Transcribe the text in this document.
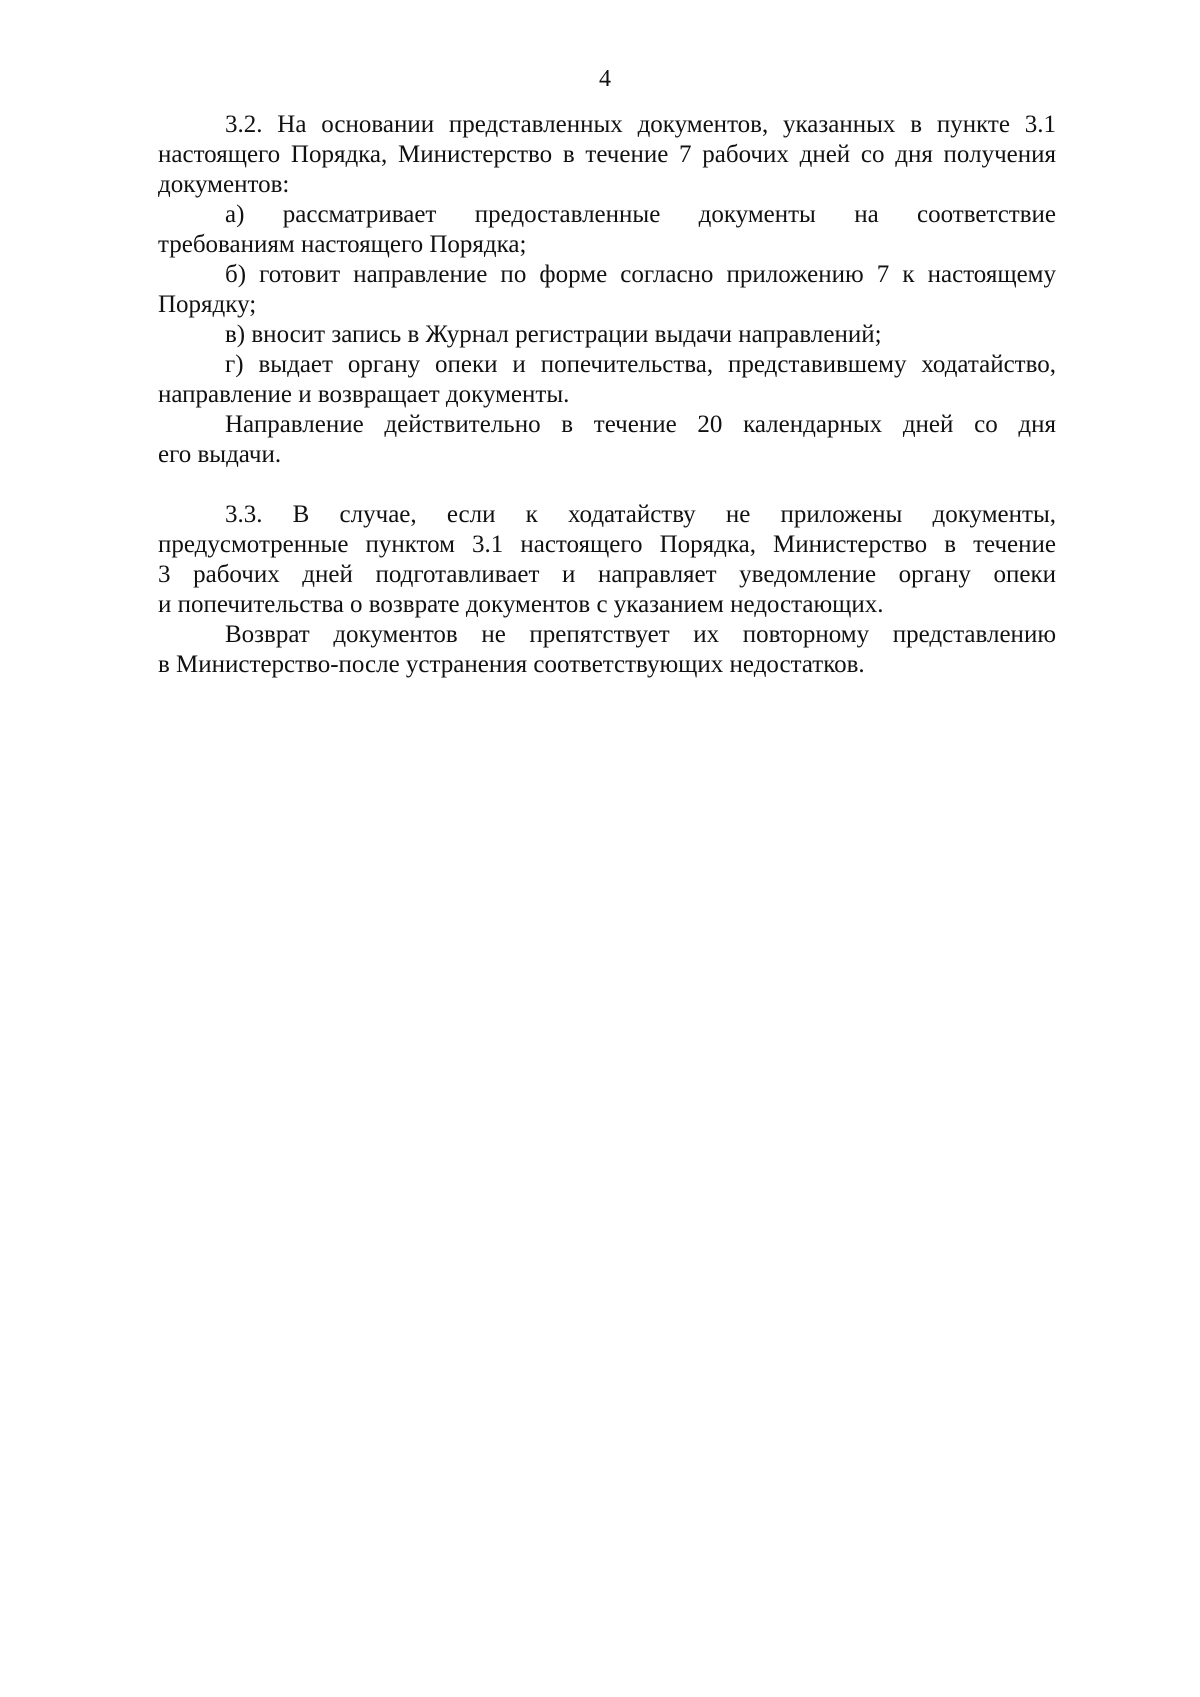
4
3.2. На основании представленных документов, указанных в пункте 3.1
настоящего Порядка, Министерство в течение 7 рабочих дней со дня получения
документов:
а) рассматривает предоставленные документы на соответствие
требованиям настоящего Порядка;
б) готовит направление по форме согласно приложению 7 к настоящему
Порядку;
в) вносит запись в Журнал регистрации выдачи направлений;
г) выдает органу опеки и попечительства, представившему ходатайство,
направление и возвращает документы.
Направление действительно в течение 20 календарных дней со дня
его выдачи.
3.3. В случае, если к ходатайству не приложены документы,
предусмотренные пунктом 3.1 настоящего Порядка, Министерство в течение
3 рабочих дней подготавливает и направляет уведомление органу опеки
и попечительства о возврате документов с указанием недостающих.
Возврат документов не препятствует их повторному представлению
в Министерство-после устранения соответствующих недостатков.
